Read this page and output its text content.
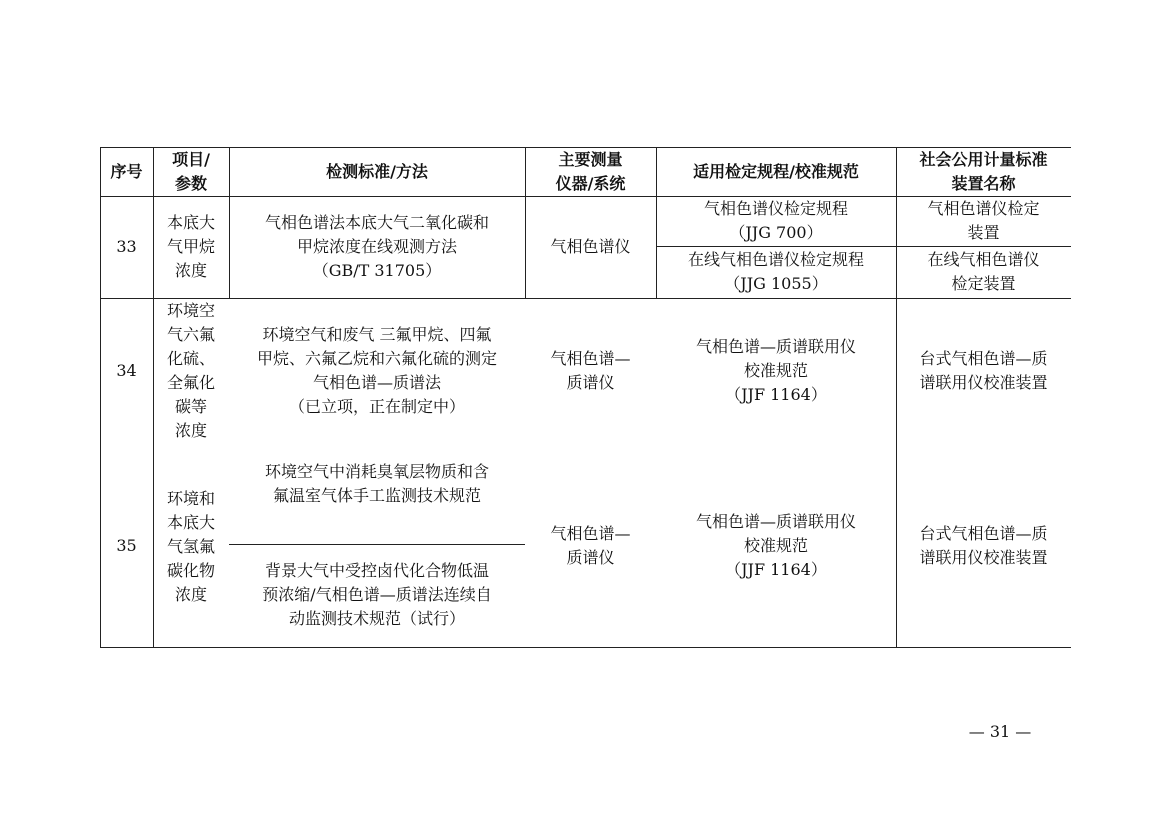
序号
项目/
参数
检测标准/方法
主要测量
仪器/系统
适用检定规程/校准规范
社会公用计量标准
装置名称
33
本底大
气甲烷
浓度
气相色谱法本底大气二氧化碳和
甲烷浓度在线观测方法
（GB/T 31705）
气相色谱仪
气相色谱仪检定规程
（JJG 700）
气相色谱仪检定
装置
在线气相色谱仪检定规程
（JJG 1055）
在线气相色谱仪
检定装置
34
环境空
气六氟
化硫、
全氟化
碳等
浓度
环境空气和废气 三氟甲烷、四氟
甲烷、六氟乙烷和六氟化硫的测定
气相色谱—质谱法
（已立项，正在制定中）
气相色谱—
质谱仪
气相色谱—质谱联用仪
校准规范
（JJF 1164）
台式气相色谱—质
谱联用仪校准装置
35
环境和
本底大
气氢氟
碳化物
浓度
环境空气中消耗臭氧层物质和含
氟温室气体手工监测技术规范
背景大气中受控卤代化合物低温
预浓缩/气相色谱—质谱法连续自
动监测技术规范（试行）
气相色谱—
质谱仪
气相色谱—质谱联用仪
校准规范
（JJF 1164）
台式气相色谱—质
谱联用仪校准装置
— 31 —
